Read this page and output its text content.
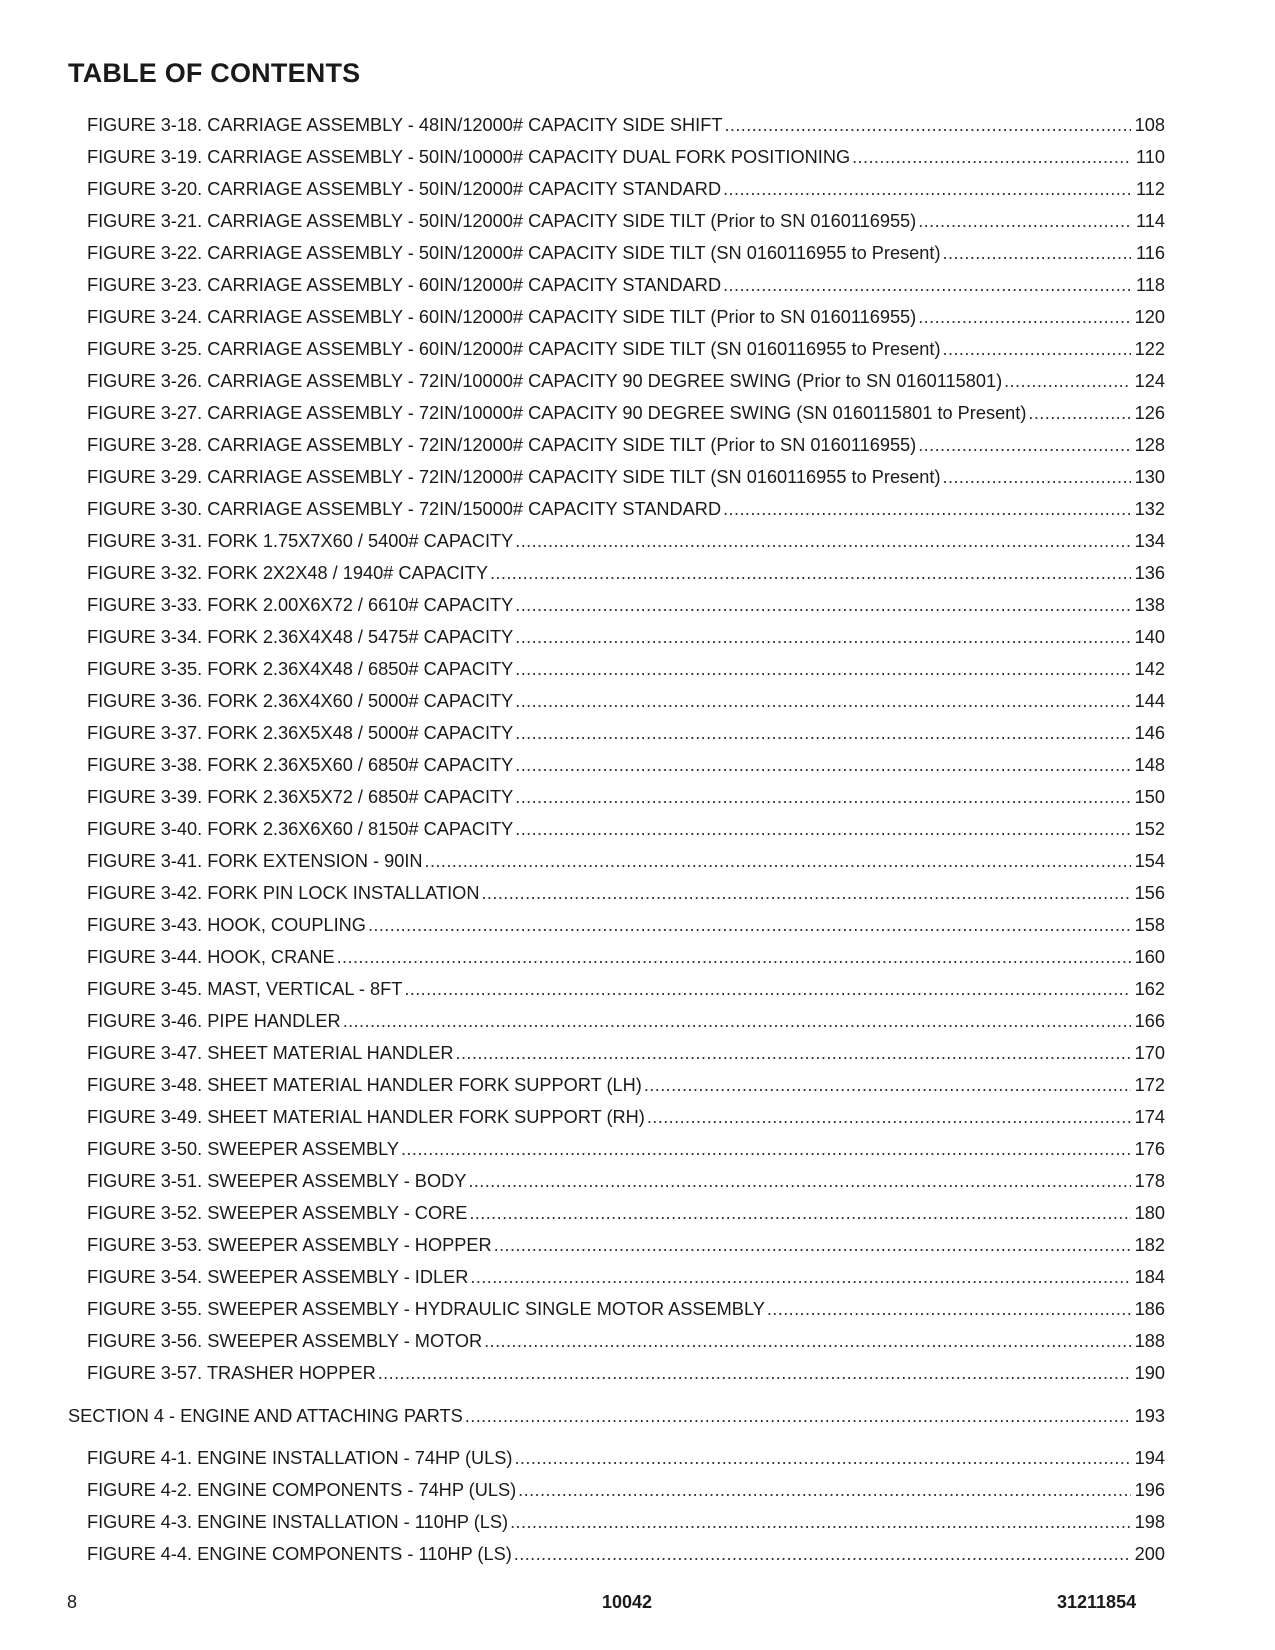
TABLE OF CONTENTS
FIGURE 3-18. CARRIAGE ASSEMBLY - 48IN/12000# CAPACITY SIDE SHIFT .....	108
FIGURE 3-19. CARRIAGE ASSEMBLY - 50IN/10000# CAPACITY DUAL FORK POSITIONING .....	110
FIGURE 3-20. CARRIAGE ASSEMBLY - 50IN/12000# CAPACITY STANDARD .....	112
FIGURE 3-21. CARRIAGE ASSEMBLY - 50IN/12000# CAPACITY SIDE TILT (Prior to SN 0160116955) .....	114
FIGURE 3-22. CARRIAGE ASSEMBLY - 50IN/12000# CAPACITY SIDE TILT (SN 0160116955 to Present) .....	116
FIGURE 3-23. CARRIAGE ASSEMBLY - 60IN/12000# CAPACITY STANDARD .....	118
FIGURE 3-24. CARRIAGE ASSEMBLY - 60IN/12000# CAPACITY SIDE TILT (Prior to SN 0160116955) .....	120
FIGURE 3-25. CARRIAGE ASSEMBLY - 60IN/12000# CAPACITY SIDE TILT (SN 0160116955 to Present) .....	122
FIGURE 3-26. CARRIAGE ASSEMBLY - 72IN/10000# CAPACITY 90 DEGREE SWING (Prior to SN 0160115801) .....	124
FIGURE 3-27. CARRIAGE ASSEMBLY - 72IN/10000# CAPACITY 90 DEGREE SWING (SN 0160115801 to Present) .....	126
FIGURE 3-28. CARRIAGE ASSEMBLY - 72IN/12000# CAPACITY SIDE TILT (Prior to SN 0160116955) .....	128
FIGURE 3-29. CARRIAGE ASSEMBLY - 72IN/12000# CAPACITY SIDE TILT (SN 0160116955 to Present) .....	130
FIGURE 3-30. CARRIAGE ASSEMBLY - 72IN/15000# CAPACITY STANDARD .....	132
FIGURE 3-31. FORK 1.75X7X60 / 5400# CAPACITY .....	134
FIGURE 3-32. FORK 2X2X48 / 1940# CAPACITY .....	136
FIGURE 3-33. FORK 2.00X6X72 / 6610# CAPACITY .....	138
FIGURE 3-34. FORK 2.36X4X48 / 5475# CAPACITY .....	140
FIGURE 3-35. FORK 2.36X4X48 / 6850# CAPACITY .....	142
FIGURE 3-36. FORK 2.36X4X60 / 5000# CAPACITY .....	144
FIGURE 3-37. FORK 2.36X5X48 / 5000# CAPACITY .....	146
FIGURE 3-38. FORK 2.36X5X60 / 6850# CAPACITY .....	148
FIGURE 3-39. FORK 2.36X5X72 / 6850# CAPACITY .....	150
FIGURE 3-40. FORK 2.36X6X60 / 8150# CAPACITY .....	152
FIGURE 3-41. FORK EXTENSION - 90IN .....	154
FIGURE 3-42. FORK PIN LOCK INSTALLATION .....	156
FIGURE 3-43. HOOK, COUPLING .....	158
FIGURE 3-44. HOOK, CRANE .....	160
FIGURE 3-45. MAST, VERTICAL - 8FT .....	162
FIGURE 3-46. PIPE HANDLER .....	166
FIGURE 3-47. SHEET MATERIAL HANDLER .....	170
FIGURE 3-48. SHEET MATERIAL HANDLER FORK SUPPORT (LH) .....	172
FIGURE 3-49. SHEET MATERIAL HANDLER FORK SUPPORT (RH) .....	174
FIGURE 3-50. SWEEPER ASSEMBLY .....	176
FIGURE 3-51. SWEEPER ASSEMBLY - BODY .....	178
FIGURE 3-52. SWEEPER ASSEMBLY - CORE .....	180
FIGURE 3-53. SWEEPER ASSEMBLY - HOPPER .....	182
FIGURE 3-54. SWEEPER ASSEMBLY - IDLER .....	184
FIGURE 3-55. SWEEPER ASSEMBLY - HYDRAULIC SINGLE MOTOR ASSEMBLY .....	186
FIGURE 3-56. SWEEPER ASSEMBLY - MOTOR .....	188
FIGURE 3-57. TRASHER HOPPER .....	190
SECTION 4 - ENGINE AND ATTACHING PARTS .....	193
FIGURE 4-1. ENGINE INSTALLATION - 74HP (ULS) .....	194
FIGURE 4-2. ENGINE COMPONENTS - 74HP (ULS) .....	196
FIGURE 4-3. ENGINE INSTALLATION - 110HP (LS) .....	198
FIGURE 4-4. ENGINE COMPONENTS - 110HP (LS) .....	200
8	10042	31211854
